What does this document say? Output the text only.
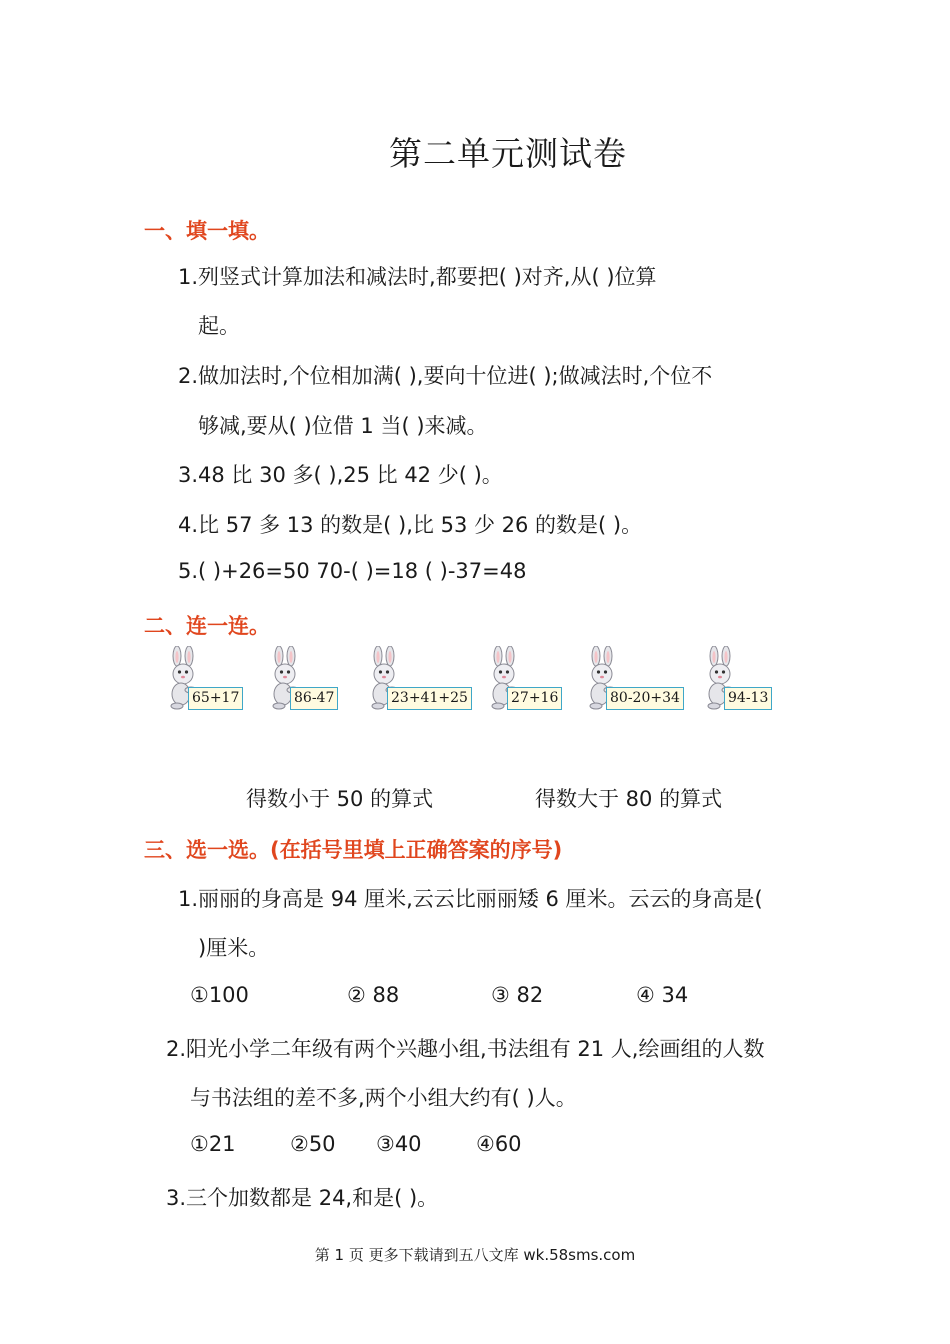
第二单元测试卷
一、填一填。
1.列竖式计算加法和减法时,都要把( )对齐,从( )位算
起。
2.做加法时,个位相加满( ),要向十位进( );做减法时,个位不
够减,要从( )位借 1 当( )来减。
3.48 比 30 多( ),25 比 42 少( )。
4.比 57 多 13 的数是( ),比 53 少 26 的数是( )。
5.( )+26=50 70-( )=18 ( )-37=48
二、连一连。
65+17	86-47	23+41+25	27+16	80-20+34	94-13
得数小于 50 的算式	得数大于 80 的算式
三、选一选。(在括号里填上正确答案的序号)
1.丽丽的身高是 94 厘米,云云比丽丽矮 6 厘米。云云的身高是(
)厘米。
①100	② 88	③ 82	④ 34
2.阳光小学二年级有两个兴趣小组,书法组有 21 人,绘画组的人数
与书法组的差不多,两个小组大约有( )人。
①21	②50 ③40	④60
3.三个加数都是 24,和是( )。
第 1 页 更多下载请到五八文库 wk.58sms.com
